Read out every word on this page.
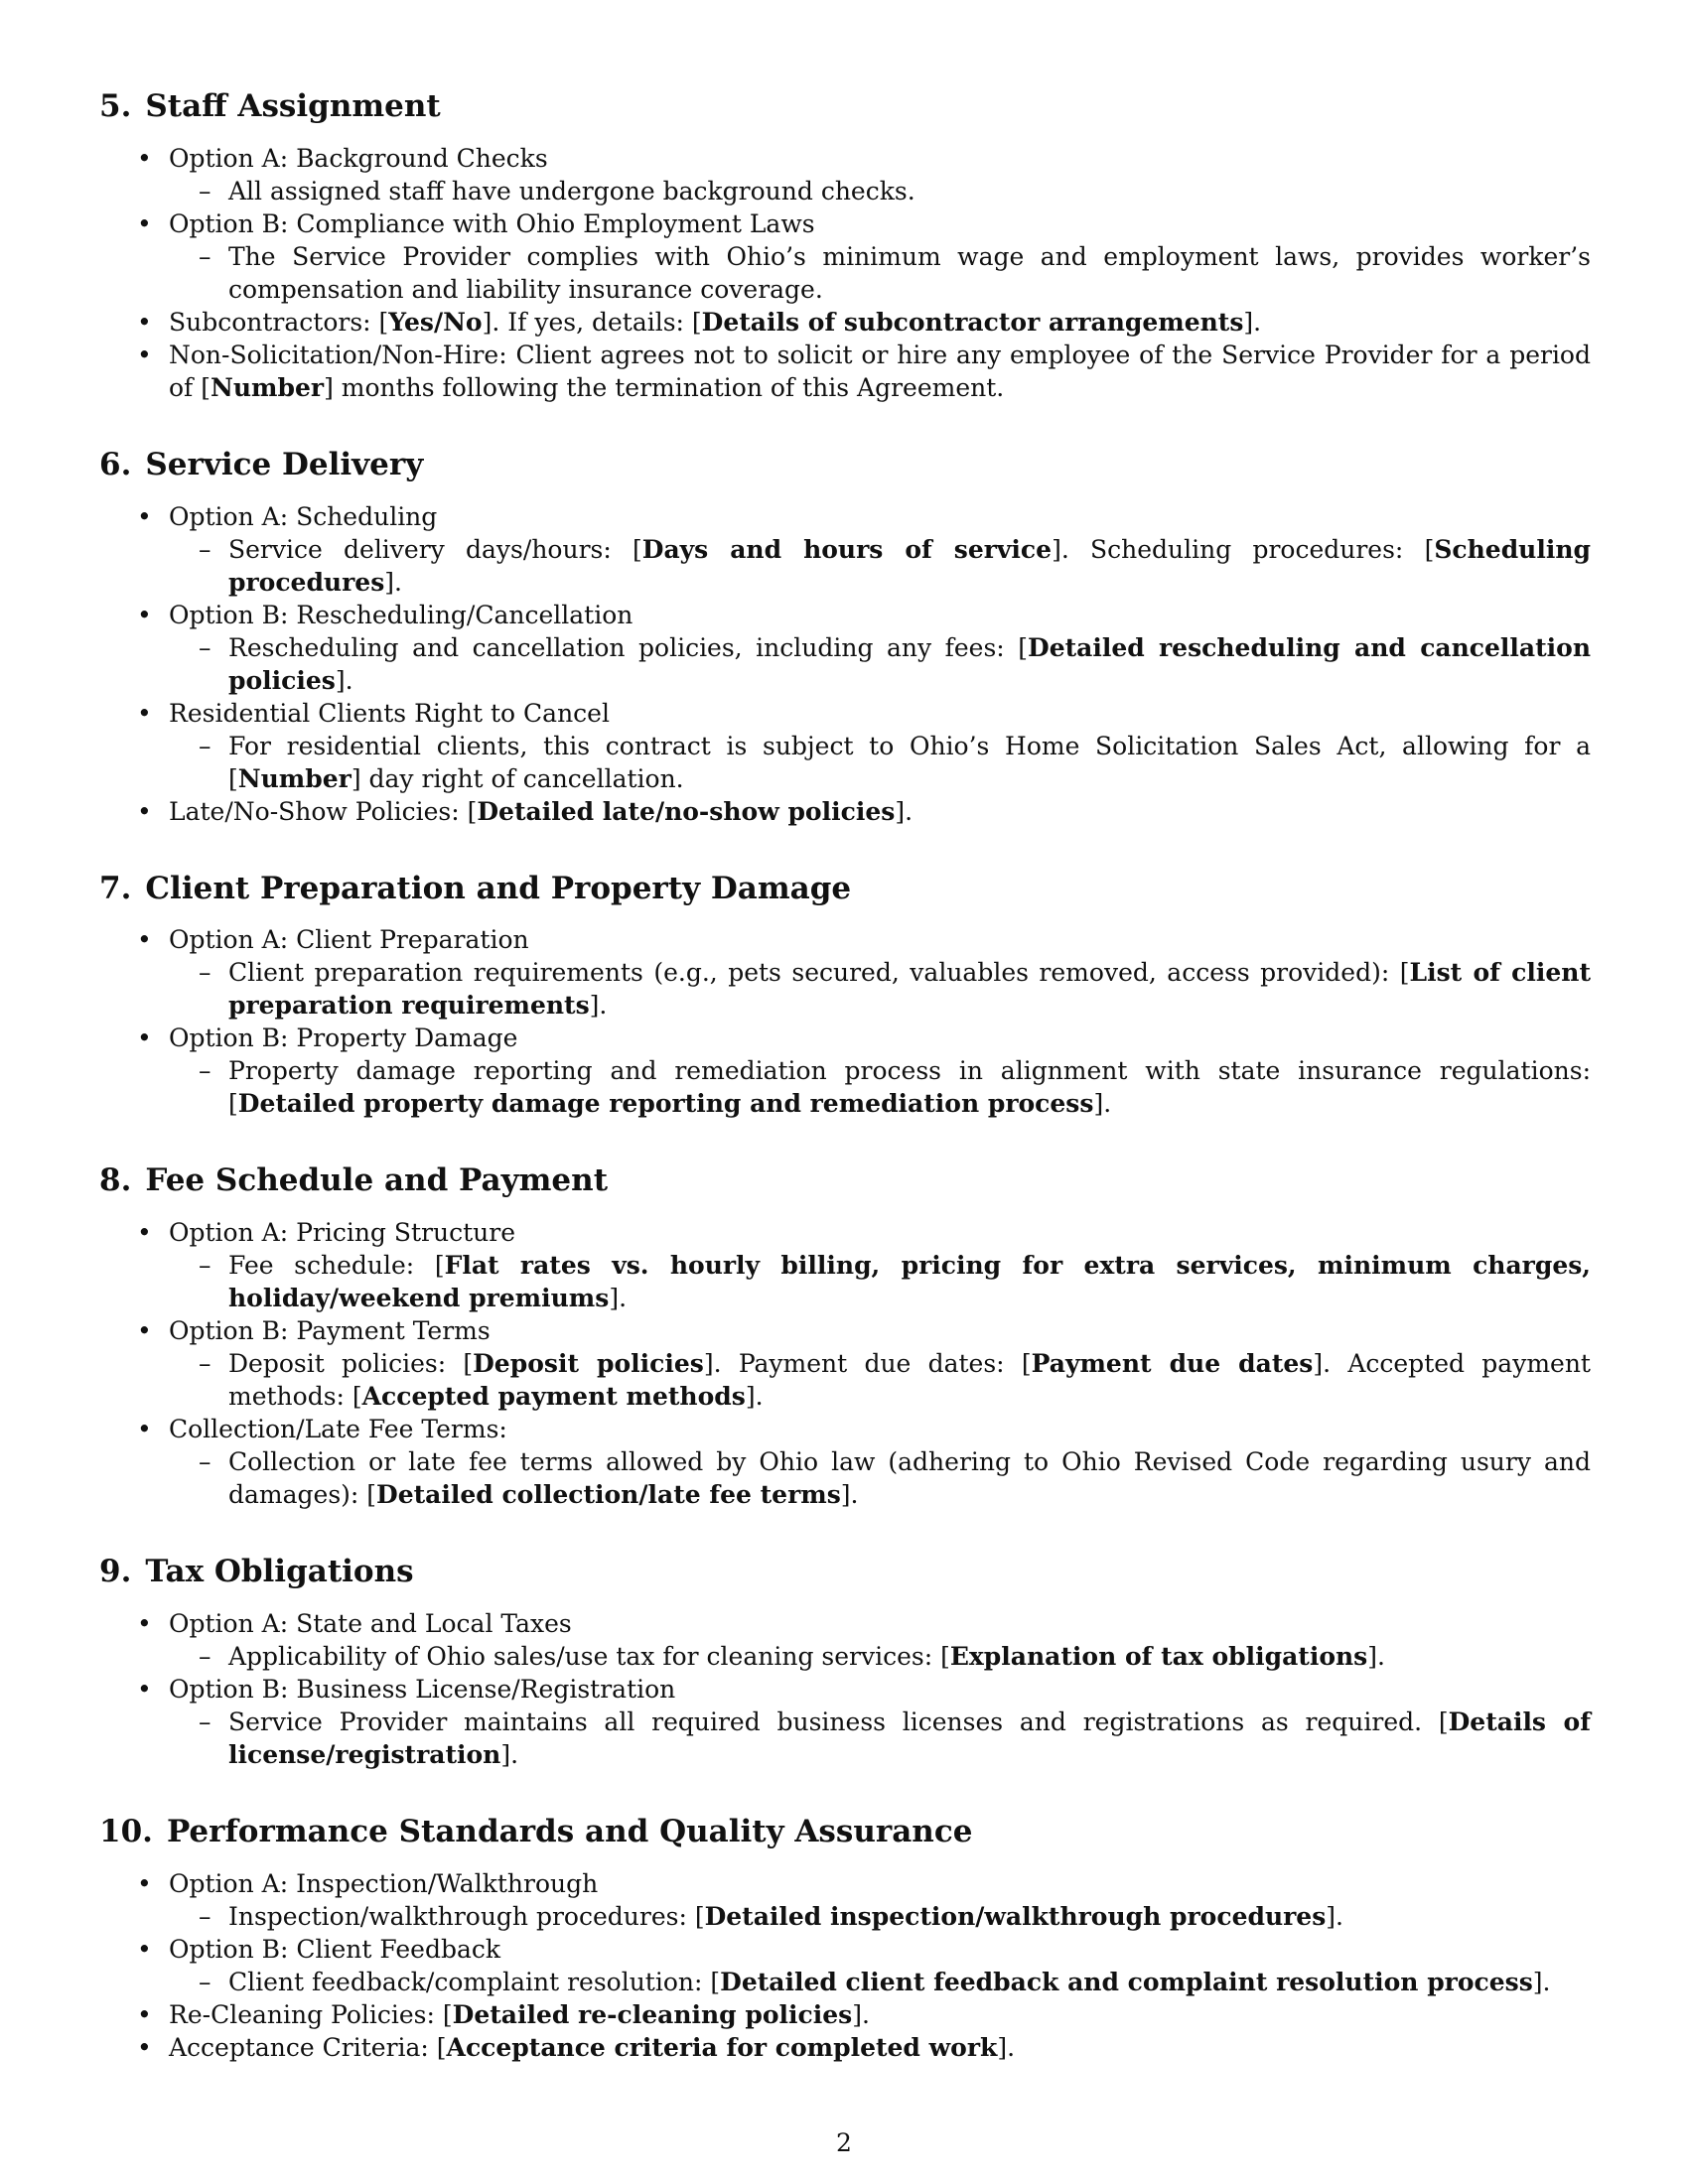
5. Staff Assignment
• Option A: Background Checks
– All assigned staff have undergone background checks.
• Option B: Compliance with Ohio Employment Laws
– The Service Provider complies with Ohio’s minimum wage and employment laws, provides worker’s compensation and liability insurance coverage.
• Subcontractors: [Yes/No]. If yes, details: [Details of subcontractor arrangements].
• Non-Solicitation/Non-Hire: Client agrees not to solicit or hire any employee of the Service Provider for a period of [Number] months following the termination of this Agreement.
6. Service Delivery
• Option A: Scheduling
– Service delivery days/hours: [Days and hours of service]. Scheduling procedures: [Scheduling procedures].
• Option B: Rescheduling/Cancellation
– Rescheduling and cancellation policies, including any fees: [Detailed rescheduling and cancellation policies].
• Residential Clients Right to Cancel
– For residential clients, this contract is subject to Ohio’s Home Solicitation Sales Act, allowing for a [Number] day right of cancellation.
• Late/No-Show Policies: [Detailed late/no-show policies].
7. Client Preparation and Property Damage
• Option A: Client Preparation
– Client preparation requirements (e.g., pets secured, valuables removed, access provided): [List of client preparation requirements].
• Option B: Property Damage
– Property damage reporting and remediation process in alignment with state insurance regulations: [Detailed property damage reporting and remediation process].
8. Fee Schedule and Payment
• Option A: Pricing Structure
– Fee schedule: [Flat rates vs. hourly billing, pricing for extra services, minimum charges, holiday/weekend premiums].
• Option B: Payment Terms
– Deposit policies: [Deposit policies]. Payment due dates: [Payment due dates]. Accepted payment methods: [Accepted payment methods].
• Collection/Late Fee Terms:
– Collection or late fee terms allowed by Ohio law (adhering to Ohio Revised Code regarding usury and damages): [Detailed collection/late fee terms].
9. Tax Obligations
• Option A: State and Local Taxes
– Applicability of Ohio sales/use tax for cleaning services: [Explanation of tax obligations].
• Option B: Business License/Registration
– Service Provider maintains all required business licenses and registrations as required. [Details of license/registration].
10. Performance Standards and Quality Assurance
• Option A: Inspection/Walkthrough
– Inspection/walkthrough procedures: [Detailed inspection/walkthrough procedures].
• Option B: Client Feedback
– Client feedback/complaint resolution: [Detailed client feedback and complaint resolution process].
• Re-Cleaning Policies: [Detailed re-cleaning policies].
• Acceptance Criteria: [Acceptance criteria for completed work].
2
